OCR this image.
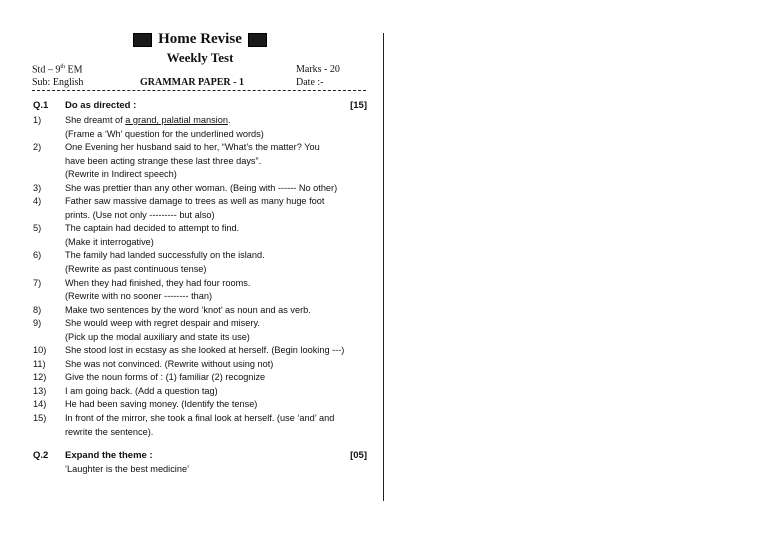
Home Revise
Weekly Test
Std – 9th EM
Sub: English	GRAMMAR PAPER - 1
Marks - 20
Date :-
Q.1 Do as directed :	[15]
1)	She dreamt of a grand, palatial mansion.
(Frame a ‘Wh’ question for the underlined words)
2)	One Evening her husband said to her, “What’s the matter? You
have been acting strange these last three days”.
(Rewrite in Indirect speech)
3)	She was prettier than any other woman. (Being with ------ No other)
4)	Father saw massive damage to trees as well as many huge foot
prints. (Use not only --------- but also)
5)	The captain had decided to attempt to find.
(Make it interrogative)
6)	The family had landed successfully on the island.
(Rewrite as past continuous tense)
7)	When they had finished, they had four rooms.
(Rewrite with no sooner -------- than)
8)	Make two sentences by the word ‘knot’ as noun and as verb.
9)	She would weep with regret despair and misery.
(Pick up the modal auxiliary and state its use)
10) She stood lost in ecstasy as she looked at herself. (Begin looking ---)
11) She was not convinced. (Rewrite without using not)
12) Give the noun forms of : (1) familiar (2) recognize
13) I am going back. (Add a question tag)
14) He had been saving money. (Identify the tense)
15) In front of the mirror, she took a final look at herself. (use ‘and’ and
rewrite the sentence).
Q.2 Expand the theme :	[05]
‘Laughter is the best medicine’
